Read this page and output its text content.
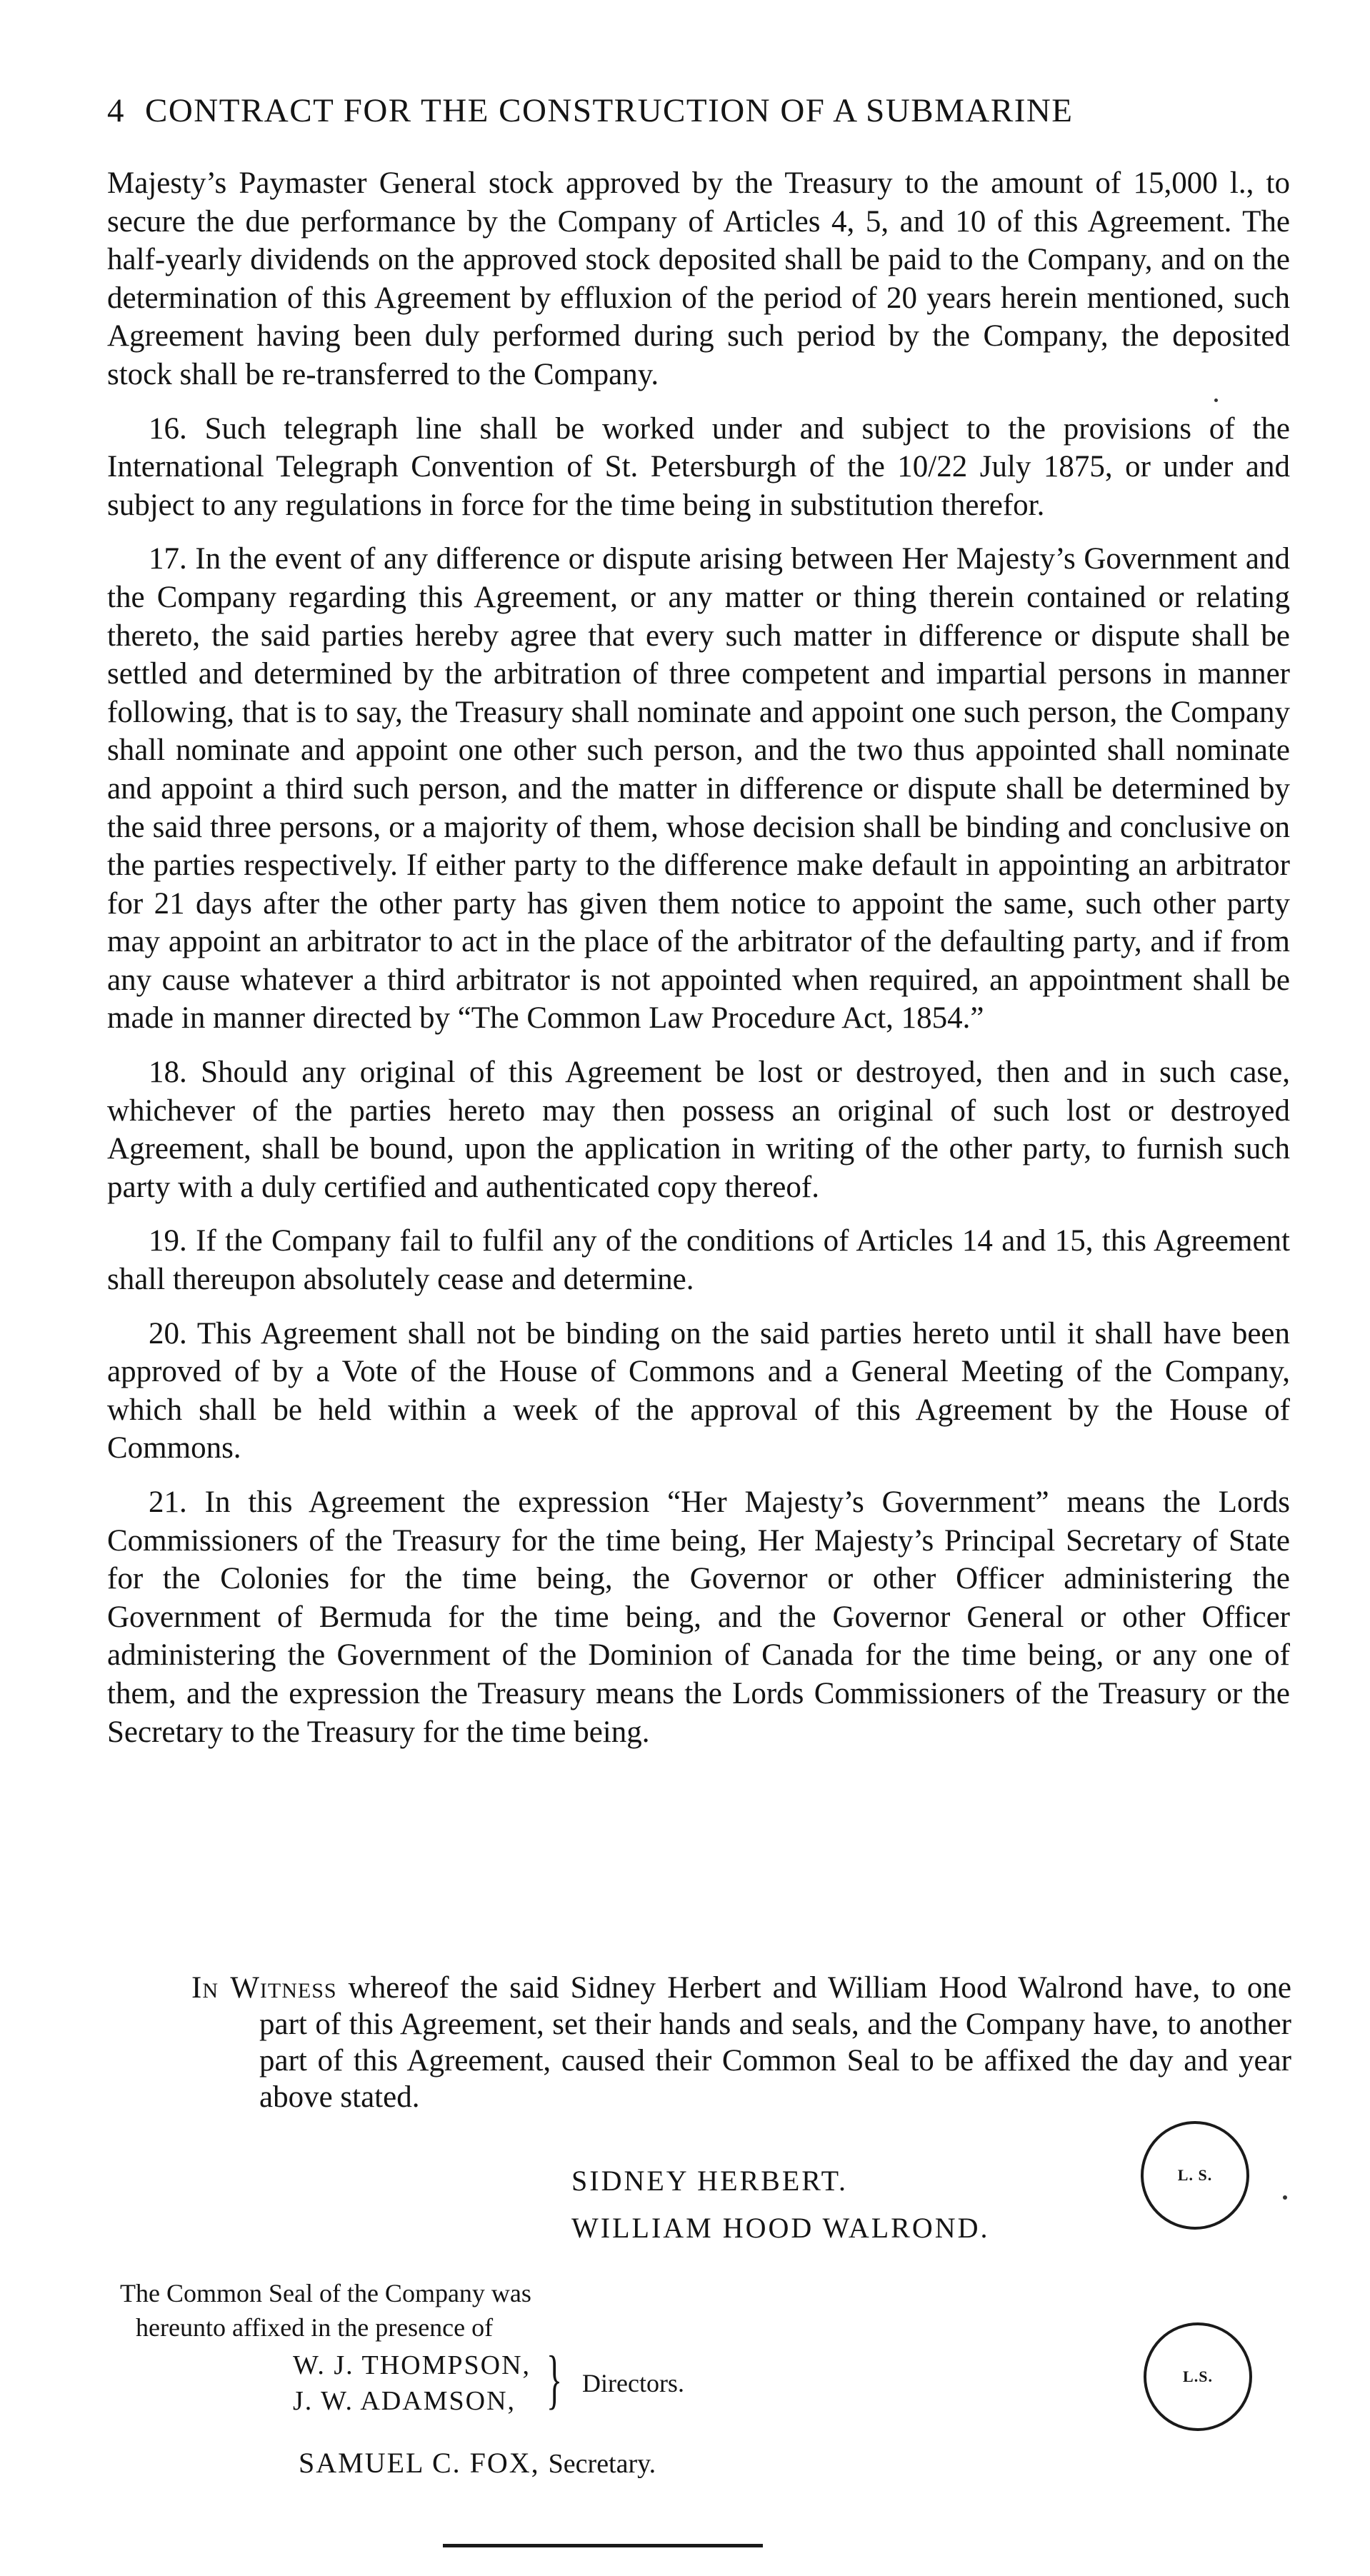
4 CONTRACT FOR THE CONSTRUCTION OF A SUBMARINE

Majesty’s Paymaster General stock approved by the Treasury to the amount of 15,000 l., to secure the due performance by the Company of Articles 4, 5, and 10 of this Agreement. The half-yearly dividends on the approved stock deposited shall be paid to the Company, and on the determination of this Agreement by effluxion of the period of 20 years herein mentioned, such Agreement having been duly performed during such period by the Company, the deposited stock shall be re-transferred to the Company.

16. Such telegraph line shall be worked under and subject to the provisions of the International Telegraph Convention of St. Petersburgh of the 10/22 July 1875, or under and subject to any regulations in force for the time being in substitution therefor.

17. In the event of any difference or dispute arising between Her Majesty’s Government and the Company regarding this Agreement, or any matter or thing therein contained or relating thereto, the said parties hereby agree that every such matter in difference or dispute shall be settled and determined by the arbitration of three competent and impartial persons in manner following, that is to say, the Treasury shall nominate and appoint one such person, the Company shall nominate and appoint one other such person, and the two thus appointed shall nominate and appoint a third such person, and the matter in difference or dispute shall be determined by the said three persons, or a majority of them, whose decision shall be binding and conclusive on the parties respectively. If either party to the difference make default in appointing an arbitrator for 21 days after the other party has given them notice to appoint the same, such other party may appoint an arbitrator to act in the place of the arbitrator of the defaulting party, and if from any cause whatever a third arbitrator is not appointed when required, an appointment shall be made in manner directed by “The Common Law Procedure Act, 1854.”

18. Should any original of this Agreement be lost or destroyed, then and in such case, whichever of the parties hereto may then possess an original of such lost or destroyed Agreement, shall be bound, upon the application in writing of the other party, to furnish such party with a duly certified and authenticated copy thereof.

19. If the Company fail to fulfil any of the conditions of Articles 14 and 15, this Agreement shall thereupon absolutely cease and determine.

20. This Agreement shall not be binding on the said parties hereto until it shall have been approved of by a Vote of the House of Commons and a General Meeting of the Company, which shall be held within a week of the approval of this Agreement by the House of Commons.

21. In this Agreement the expression “Her Majesty’s Government” means the Lords Commissioners of the Treasury for the time being, Her Majesty’s Principal Secretary of State for the Colonies for the time being, the Governor or other Officer administering the Government of Bermuda for the time being, and the Governor General or other Officer administering the Government of the Dominion of Canada for the time being, or any one of them, and the expression the Treasury means the Lords Commissioners of the Treasury or the Secretary to the Treasury for the time being.

In Witness whereof the said Sidney Herbert and William Hood Walrond have, to one part of this Agreement, set their hands and seals, and the Company have, to another part of this Agreement, caused their Common Seal to be affixed the day and year above stated.
SIDNEY HERBERT.
WILLIAM HOOD WALROND.
L. S.
The Common Seal of the Company was
hereunto affixed in the presence of
W. J. THOMPSON,
J. W. ADAMSON, } Directors.	L.S.
SAMUEL C. FOX, Secretary.
